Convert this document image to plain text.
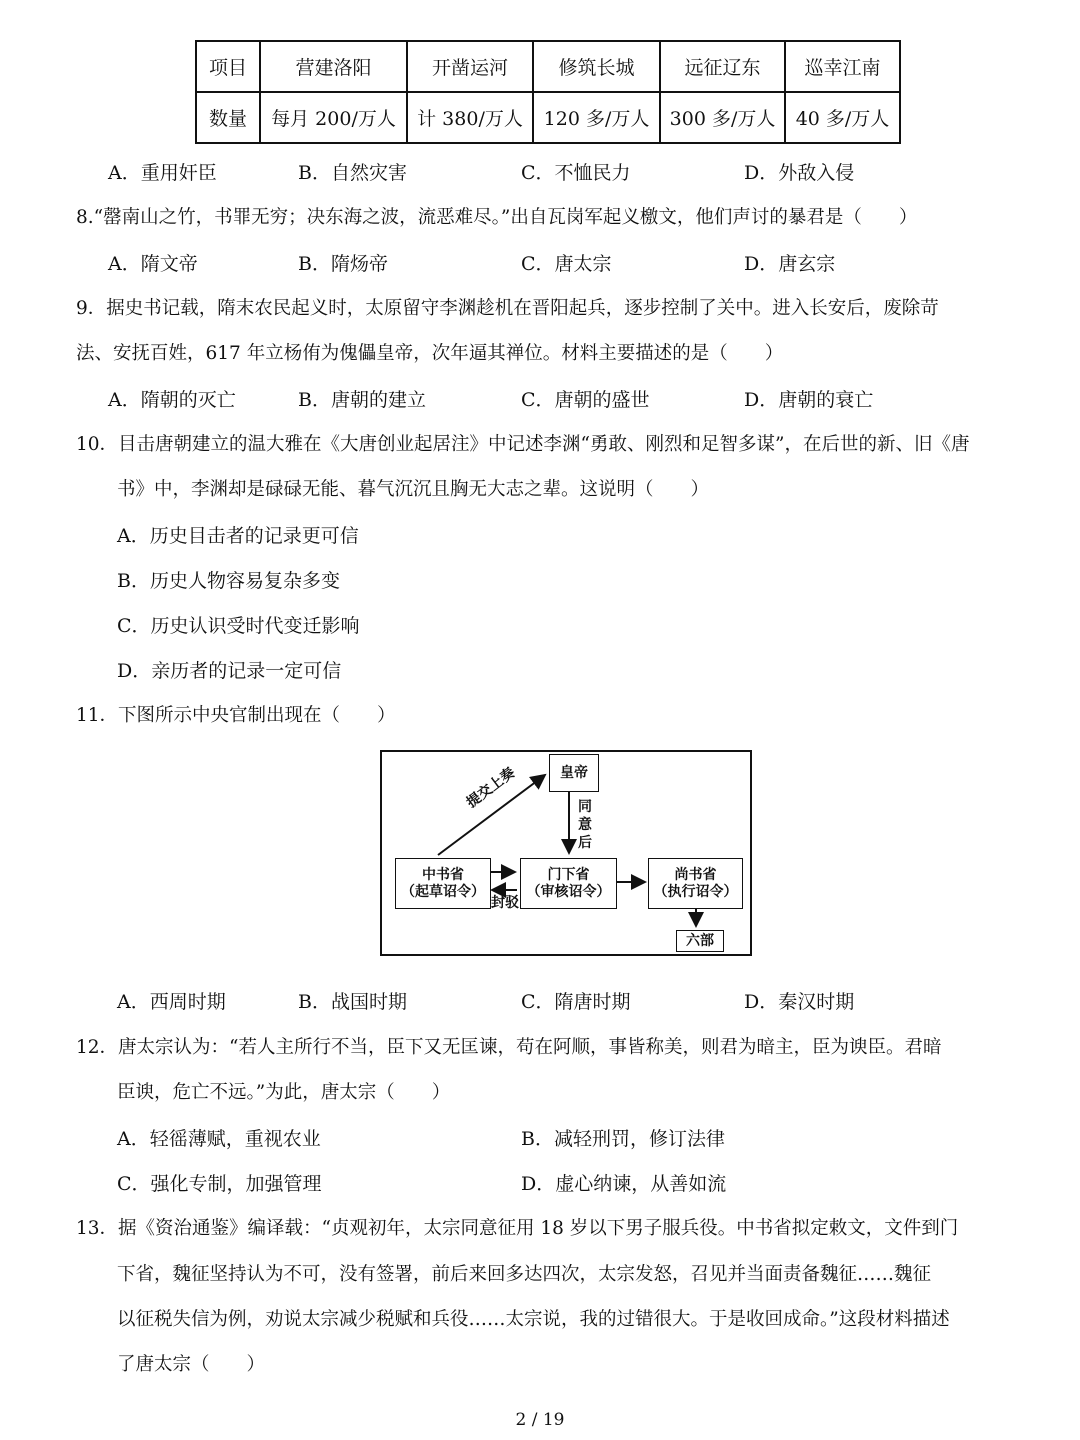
项目	营建洛阳	开凿运河	修筑长城	远征辽东	巡幸江南
数量	每月 200/万人	计 380/万人	120 多/万人	300 多/万人	40 多/万人
A．重用奸臣	B．自然灾害	C．不恤民力	D．外敌入侵
8.“罄南山之竹，书罪无穷；决东海之波，流恶难尽。”出自瓦岗军起义檄文，他们声讨的暴君是（　　）
A．隋文帝	B．隋炀帝	C．唐太宗	D．唐玄宗
9．据史书记载，隋末农民起义时，太原留守李渊趁机在晋阳起兵，逐步控制了关中。进入长安后，废除苛
法、安抚百姓，617 年立杨侑为傀儡皇帝，次年逼其禅位。材料主要描述的是（　　）
A．隋朝的灭亡	B．唐朝的建立	C．唐朝的盛世	D．唐朝的衰亡
10．目击唐朝建立的温大雅在《大唐创业起居注》中记述李渊“勇敢、刚烈和足智多谋”，在后世的新、旧《唐
书》中，李渊却是碌碌无能、暮气沉沉且胸无大志之辈。这说明（　　）
A．历史目击者的记录更可信
B．历史人物容易复杂多变
C．历史认识受时代变迁影响
D．亲历者的记录一定可信
11．下图所示中央官制出现在（　　）
皇帝
中书省
（起草诏令）
门下省
（审核诏令）
尚书省
（执行诏令）
六部
提交上奏	同意后
封驳
A．西周时期	B．战国时期	C．隋唐时期	D．秦汉时期
12．唐太宗认为：“若人主所行不当，臣下又无匡谏，苟在阿顺，事皆称美，则君为暗主，臣为谀臣。君暗
臣谀，危亡不远。”为此，唐太宗（　　）
A．轻徭薄赋，重视农业	B．减轻刑罚，修订法律
C．强化专制，加强管理	D．虚心纳谏，从善如流
13．据《资治通鉴》编译载：“贞观初年，太宗同意征用 18 岁以下男子服兵役。中书省拟定敕文，文件到门
下省，魏征坚持认为不可，没有签署，前后来回多达四次，太宗发怒，召见并当面责备魏征……魏征
以征税失信为例，劝说太宗减少税赋和兵役……太宗说，我的过错很大。于是收回成命。”这段材料描述
了唐太宗（　　）
2 / 19
